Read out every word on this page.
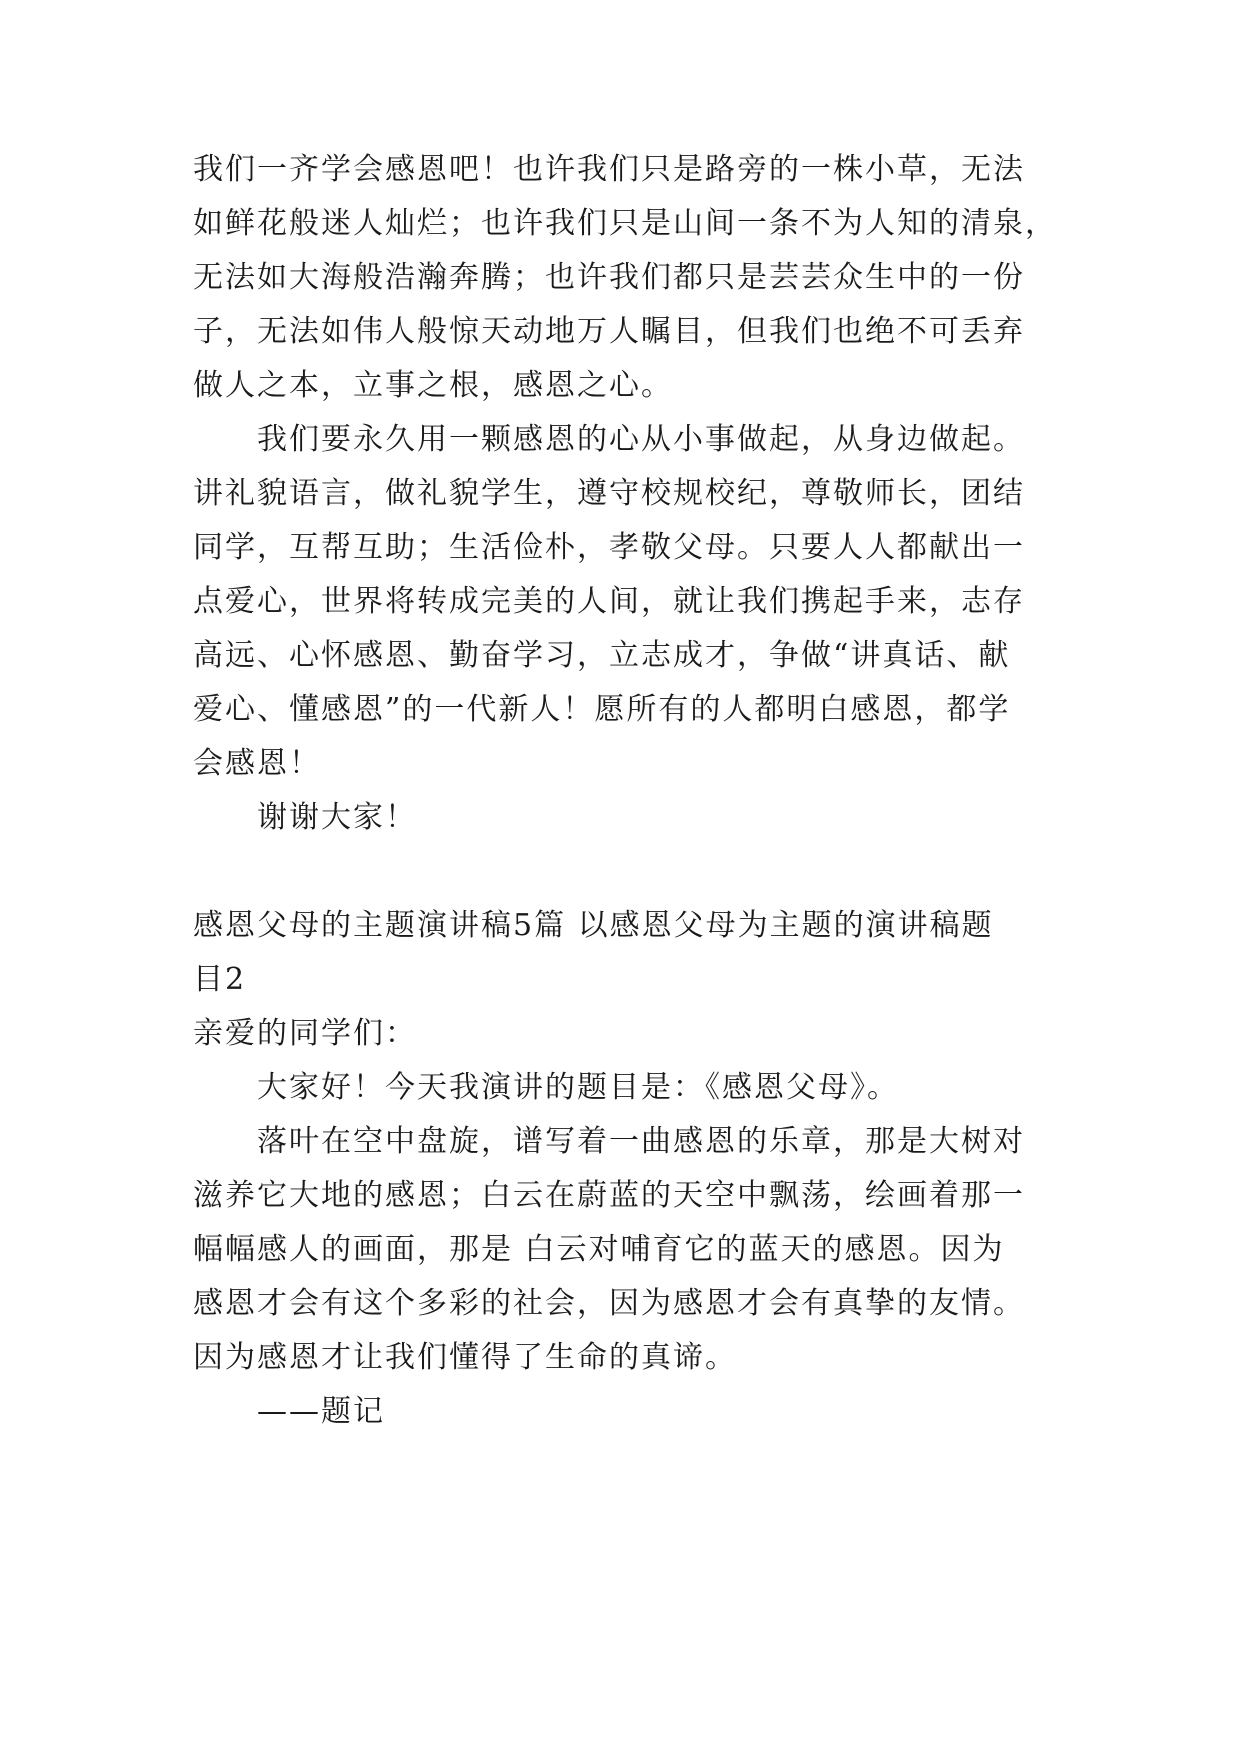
我们一齐学会感恩吧！也许我们只是路旁的一株小草，无法
如鲜花般迷人灿烂；也许我们只是山间一条不为人知的清泉，
无法如大海般浩瀚奔腾；也许我们都只是芸芸众生中的一份
子，无法如伟人般惊天动地万人瞩目，但我们也绝不可丢弃
做人之本，立事之根，感恩之心。
我们要永久用一颗感恩的心从小事做起，从身边做起。
讲礼貌语言，做礼貌学生，遵守校规校纪，尊敬师长，团结
同学，互帮互助；生活俭朴，孝敬父母。只要人人都献出一
点爱心，世界将转成完美的人间，就让我们携起手来，志存
高远、心怀感恩、勤奋学习，立志成才，争做“讲真话、献
爱心、懂感恩”的一代新人！愿所有的人都明白感恩，都学
会感恩！
谢谢大家！
感恩父母的主题演讲稿5篇 以感恩父母为主题的演讲稿题
目2
亲爱的同学们：
大家好！今天我演讲的题目是：《感恩父母》。
落叶在空中盘旋，谱写着一曲感恩的乐章，那是大树对
滋养它大地的感恩；白云在蔚蓝的天空中飘荡，绘画着那一
幅幅感人的画面，那是 白云对哺育它的蓝天的感恩。因为
感恩才会有这个多彩的社会，因为感恩才会有真挚的友情。
因为感恩才让我们懂得了生命的真谛。
——题记
